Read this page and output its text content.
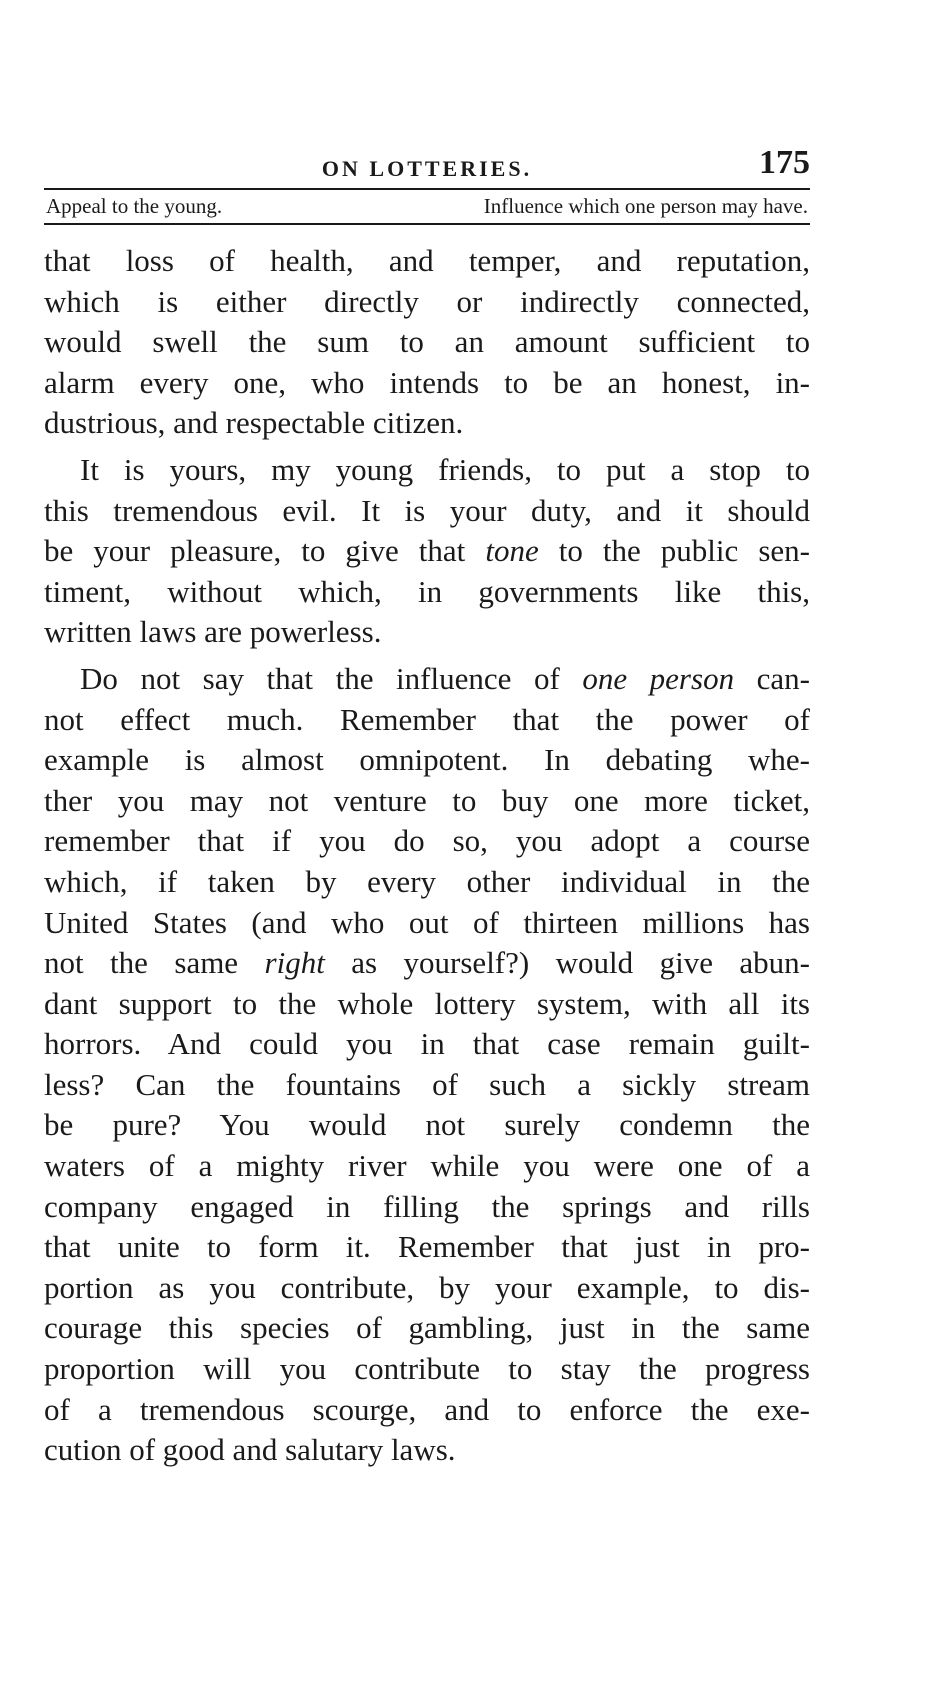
ON LOTTERIES.	175
Appeal to the young.	Influence which one person may have.

that loss of health, and temper, and reputation,
which is either directly or indirectly connected,
would swell the sum to an amount sufficient to
alarm every one, who intends to be an honest, in-
dustrious, and respectable citizen.

It is yours, my young friends, to put a stop to
this tremendous evil. It is your duty, and it should
be your pleasure, to give that tone to the public sen-
timent, without which, in governments like this,
written laws are powerless.

Do not say that the influence of one person can-
not effect much. Remember that the power of
example is almost omnipotent. In debating whe-
ther you may not venture to buy one more ticket,
remember that if you do so, you adopt a course
which, if taken by every other individual in the
United States (and who out of thirteen millions has
not the same right as yourself?) would give abun-
dant support to the whole lottery system, with all its
horrors. And could you in that case remain guilt-
less? Can the fountains of such a sickly stream
be pure? You would not surely condemn the
waters of a mighty river while you were one of a
company engaged in filling the springs and rills
that unite to form it. Remember that just in pro-
portion as you contribute, by your example, to dis-
courage this species of gambling, just in the same
proportion will you contribute to stay the progress
of a tremendous scourge, and to enforce the exe-
cution of good and salutary laws.
